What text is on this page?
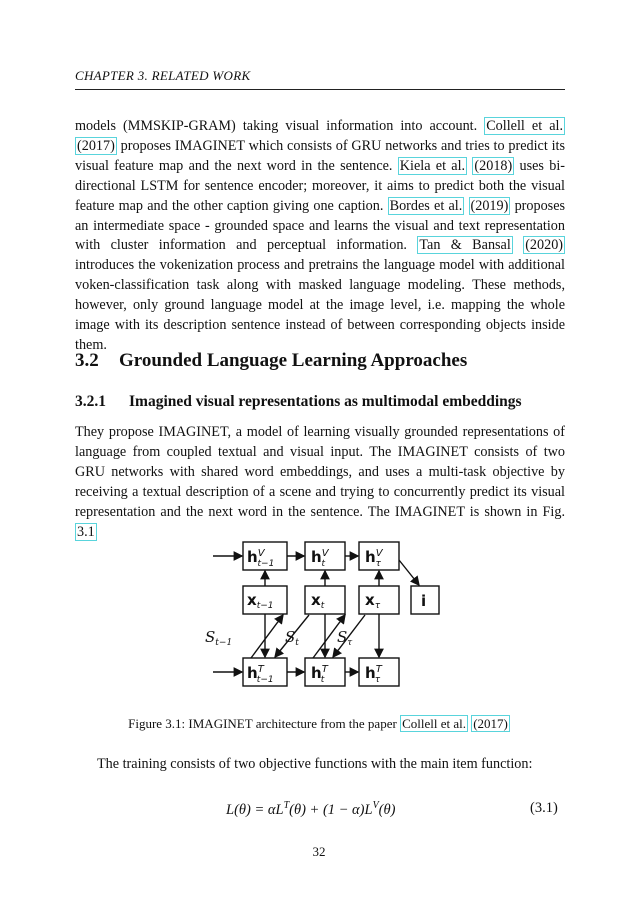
CHAPTER 3. RELATED WORK

models (MMSKIP-GRAM) taking visual information into account. Collell et al. (2017) proposes IMAGINET which consists of GRU networks and tries to predict its visual feature map and the next word in the sentence. Kiela et al. (2018) uses bi-directional LSTM for sentence encoder; moreover, it aims to predict both the visual feature map and the other caption giving one caption. Bordes et al. (2019) proposes an intermediate space - grounded space and learns the visual and text representation with cluster information and perceptual information. Tan & Bansal (2020) introduces the vokenization process and pretrains the language model with additional voken-classification task along with masked language modeling. These methods, however, only ground language model at the image level, i.e. mapping the whole image with its description sentence instead of between corresponding objects inside them.

3.2 Grounded Language Learning Approaches
3.2.1 Imagined visual representations as multimodal embeddings

They propose IMAGINET, a model of learning visually grounded representations of language from coupled textual and visual input. The IMAGINET consists of two GRU networks with shared word embeddings, and uses a multi-task objective by receiving a textual description of a scene and trying to concurrently predict its visual representation and the next word in the sentence. The IMAGINET is shown in Fig. 3.1

$h^V$ t−1 $h^V$ t	$h^V$ τ
$x_{t-1}$	$x_t$	$x_\tau$	i
$h^T$ t−1 $h^T$ t	$h^T$ τ
$S_{t-1}$	$S_t$	$S_\tau$

Figure 3.1: IMAGINET architecture from the paper Collell et al. (2017)

The training consists of two objective functions with the main item function:

$L(\theta) = \alpha L^T(\theta) + (1 - \alpha)L^V(\theta)$	(3.1)
32
